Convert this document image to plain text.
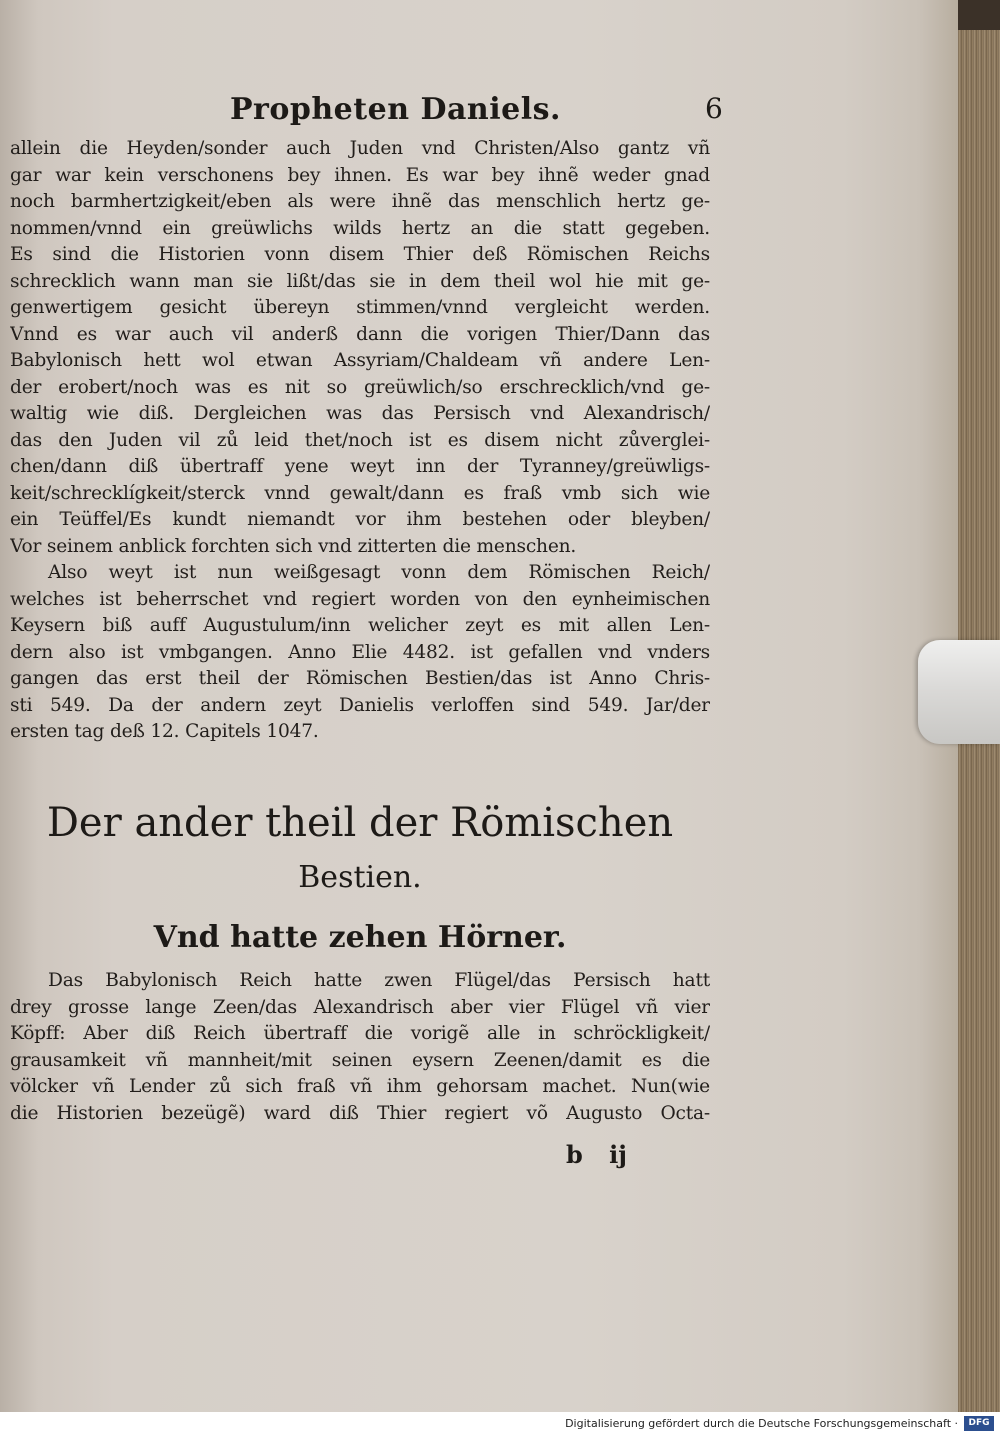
Propheten Daniels.	6
allein die Heyden/sonder auch Juden vnd Christen/Also gantz vñ
gar war kein verschonens bey ihnen. Es war bey ihnẽ weder gnad
noch barmhertzigkeit/eben als were ihnẽ das menschlich hertz ge-
nommen/vnnd ein greüwlichs wilds hertz an die statt gegeben.
Es sind die Historien vonn disem Thier deß Römischen Reichs
schrecklich wann man sie lißt/das sie in dem theil wol hie mit ge-
genwertigem gesicht übereyn stimmen/vnnd vergleicht werden.
Vnnd es war auch vil anderß dann die vorigen Thier/Dann das
Babylonisch hett wol etwan Assyriam/Chaldeam vñ andere Len-
der erobert/noch was es nit so greüwlich/so erschrecklich/vnd ge-
waltig wie diß. Dergleichen was das Persisch vnd Alexandrisch/
das den Juden vil zů leid thet/noch ist es disem nicht zůverglei-
chen/dann diß übertraff yene weyt inn der Tyranney/greüwligs-
keit/schrecklígkeit/sterck vnnd gewalt/dann es fraß vmb sich wie
ein Teüffel/Es kundt niemandt vor ihm bestehen oder bleyben/
Vor seinem anblick forchten sich vnd zitterten die menschen.
Also weyt ist nun weißgesagt vonn dem Römischen Reich/
welches ist beherrschet vnd regiert worden von den eynheimischen
Keysern biß auff Augustulum/inn welicher zeyt es mit allen Len-
dern also ist vmbgangen. Anno Elie 4482. ist gefallen vnd vnders
gangen das erst theil der Römischen Bestien/das ist Anno Chris-
sti 549. Da der andern zeyt Danielis verloffen sind 549. Jar/der
ersten tag deß 12. Capitels 1047.
Der ander theil der Römischen
Bestien.
Vnd hatte zehen Hörner.
Das Babylonisch Reich hatte zwen Flügel/das Persisch hatt
drey grosse lange Zeen/das Alexandrisch aber vier Flügel vñ vier
Köpff: Aber diß Reich übertraff die vorigẽ alle in schröckligkeit/
grausamkeit vñ mannheit/mit seinen eysern Zeenen/damit es die
völcker vñ Lender zů sich fraß vñ ihm gehorsam machet. Nun(wie
die Historien bezeügẽ) ward diß Thier regiert võ Augusto Octa-
b ij
Digitalisierung gefördert durch die Deutsche Forschungsgemeinschaft ·	DFG
